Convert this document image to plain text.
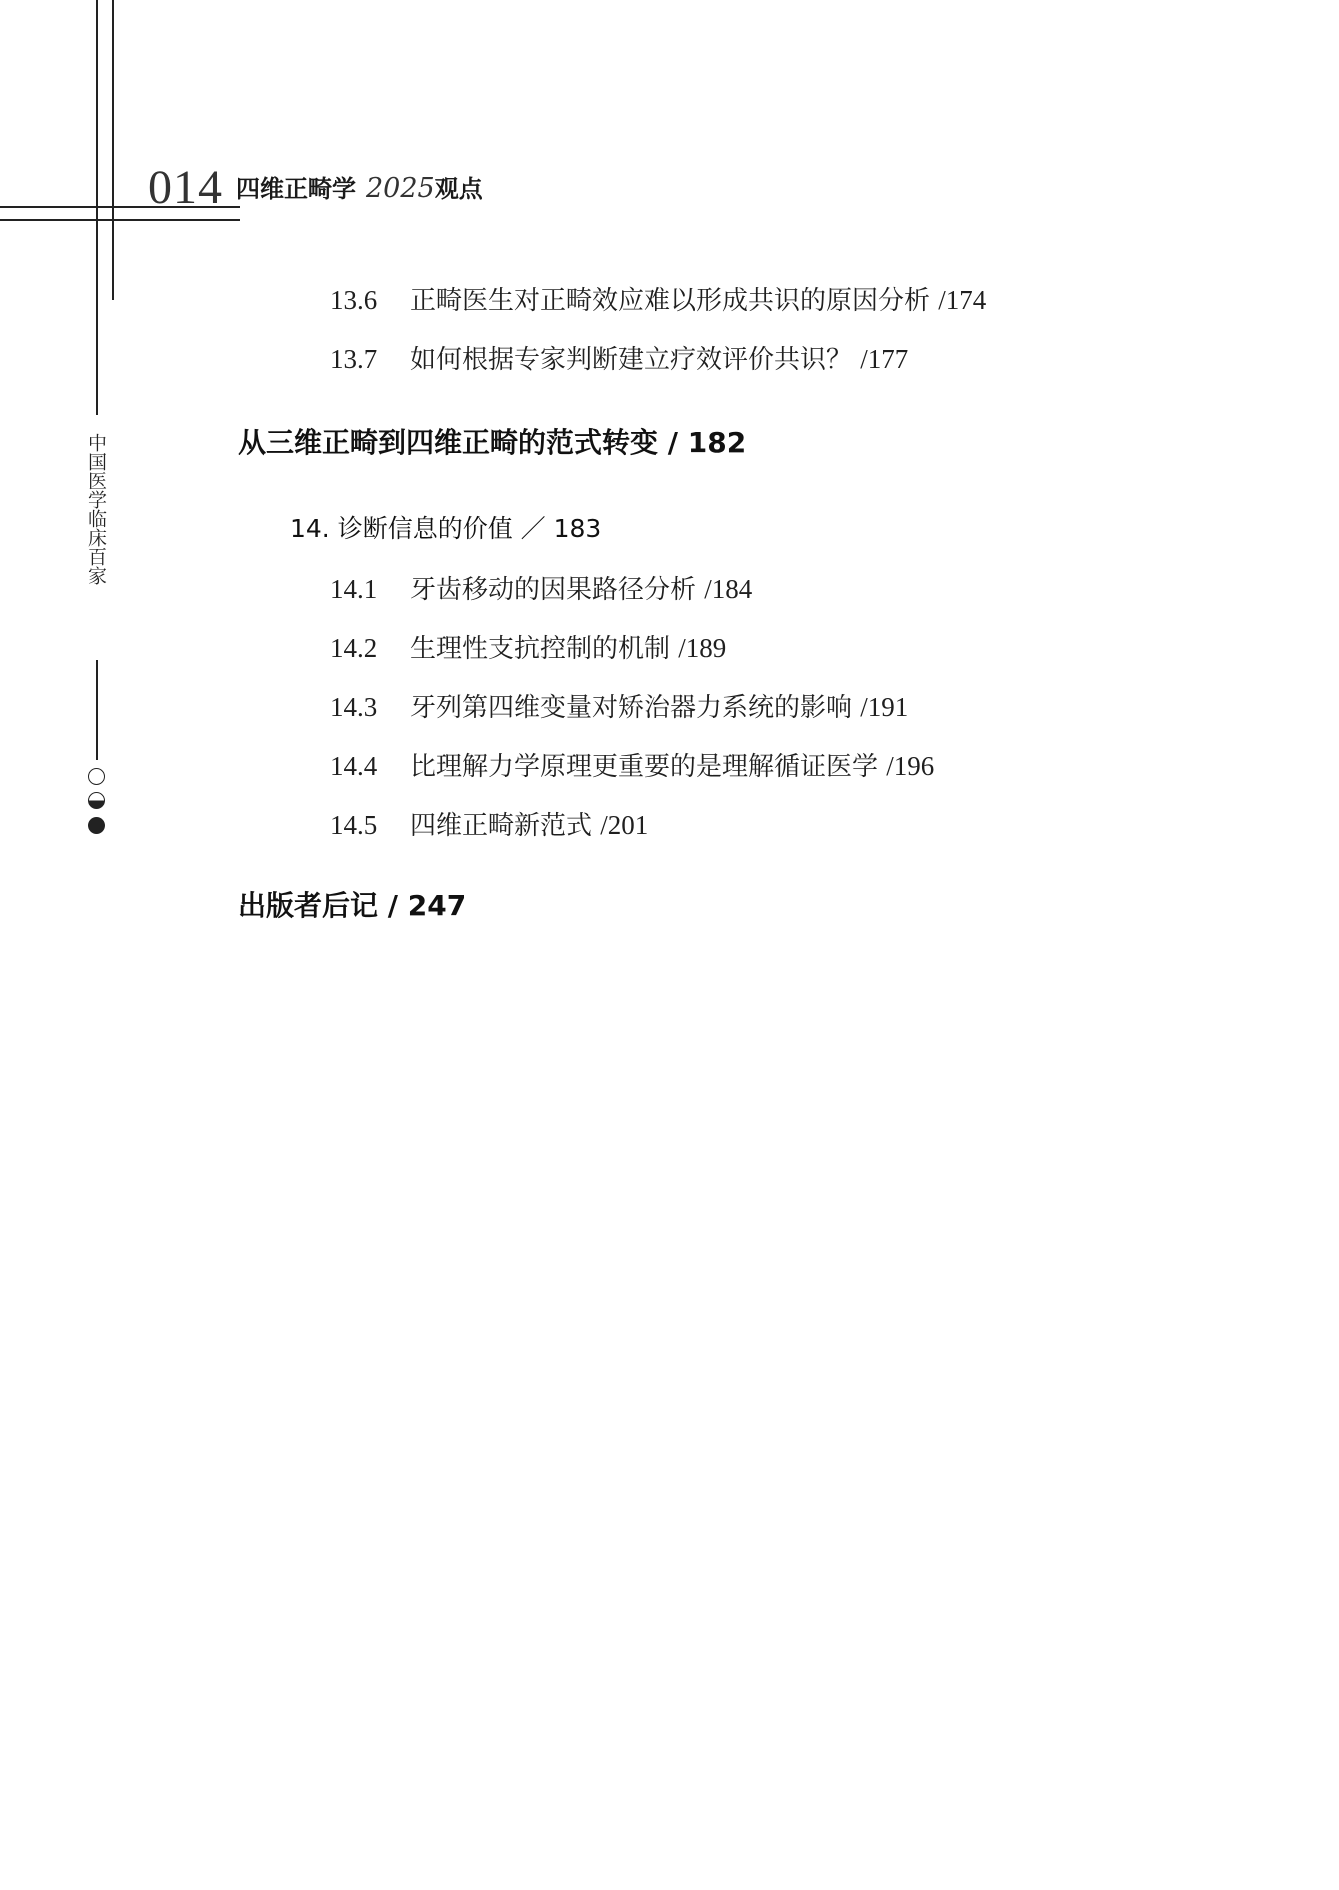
014 四维正畸学 2025观点
中国医学临床百家
13.6 正畸医生对正畸效应难以形成共识的原因分析 /174
13.7 如何根据专家判断建立疗效评价共识？ /177
从三维正畸到四维正畸的范式转变 / 182
14. 诊断信息的价值 ／ 183
14.1 牙齿移动的因果路径分析 /184
14.2 生理性支抗控制的机制 /189
14.3 牙列第四维变量对矫治器力系统的影响 /191
14.4 比理解力学原理更重要的是理解循证医学 /196
14.5 四维正畸新范式 /201
出版者后记 / 247
